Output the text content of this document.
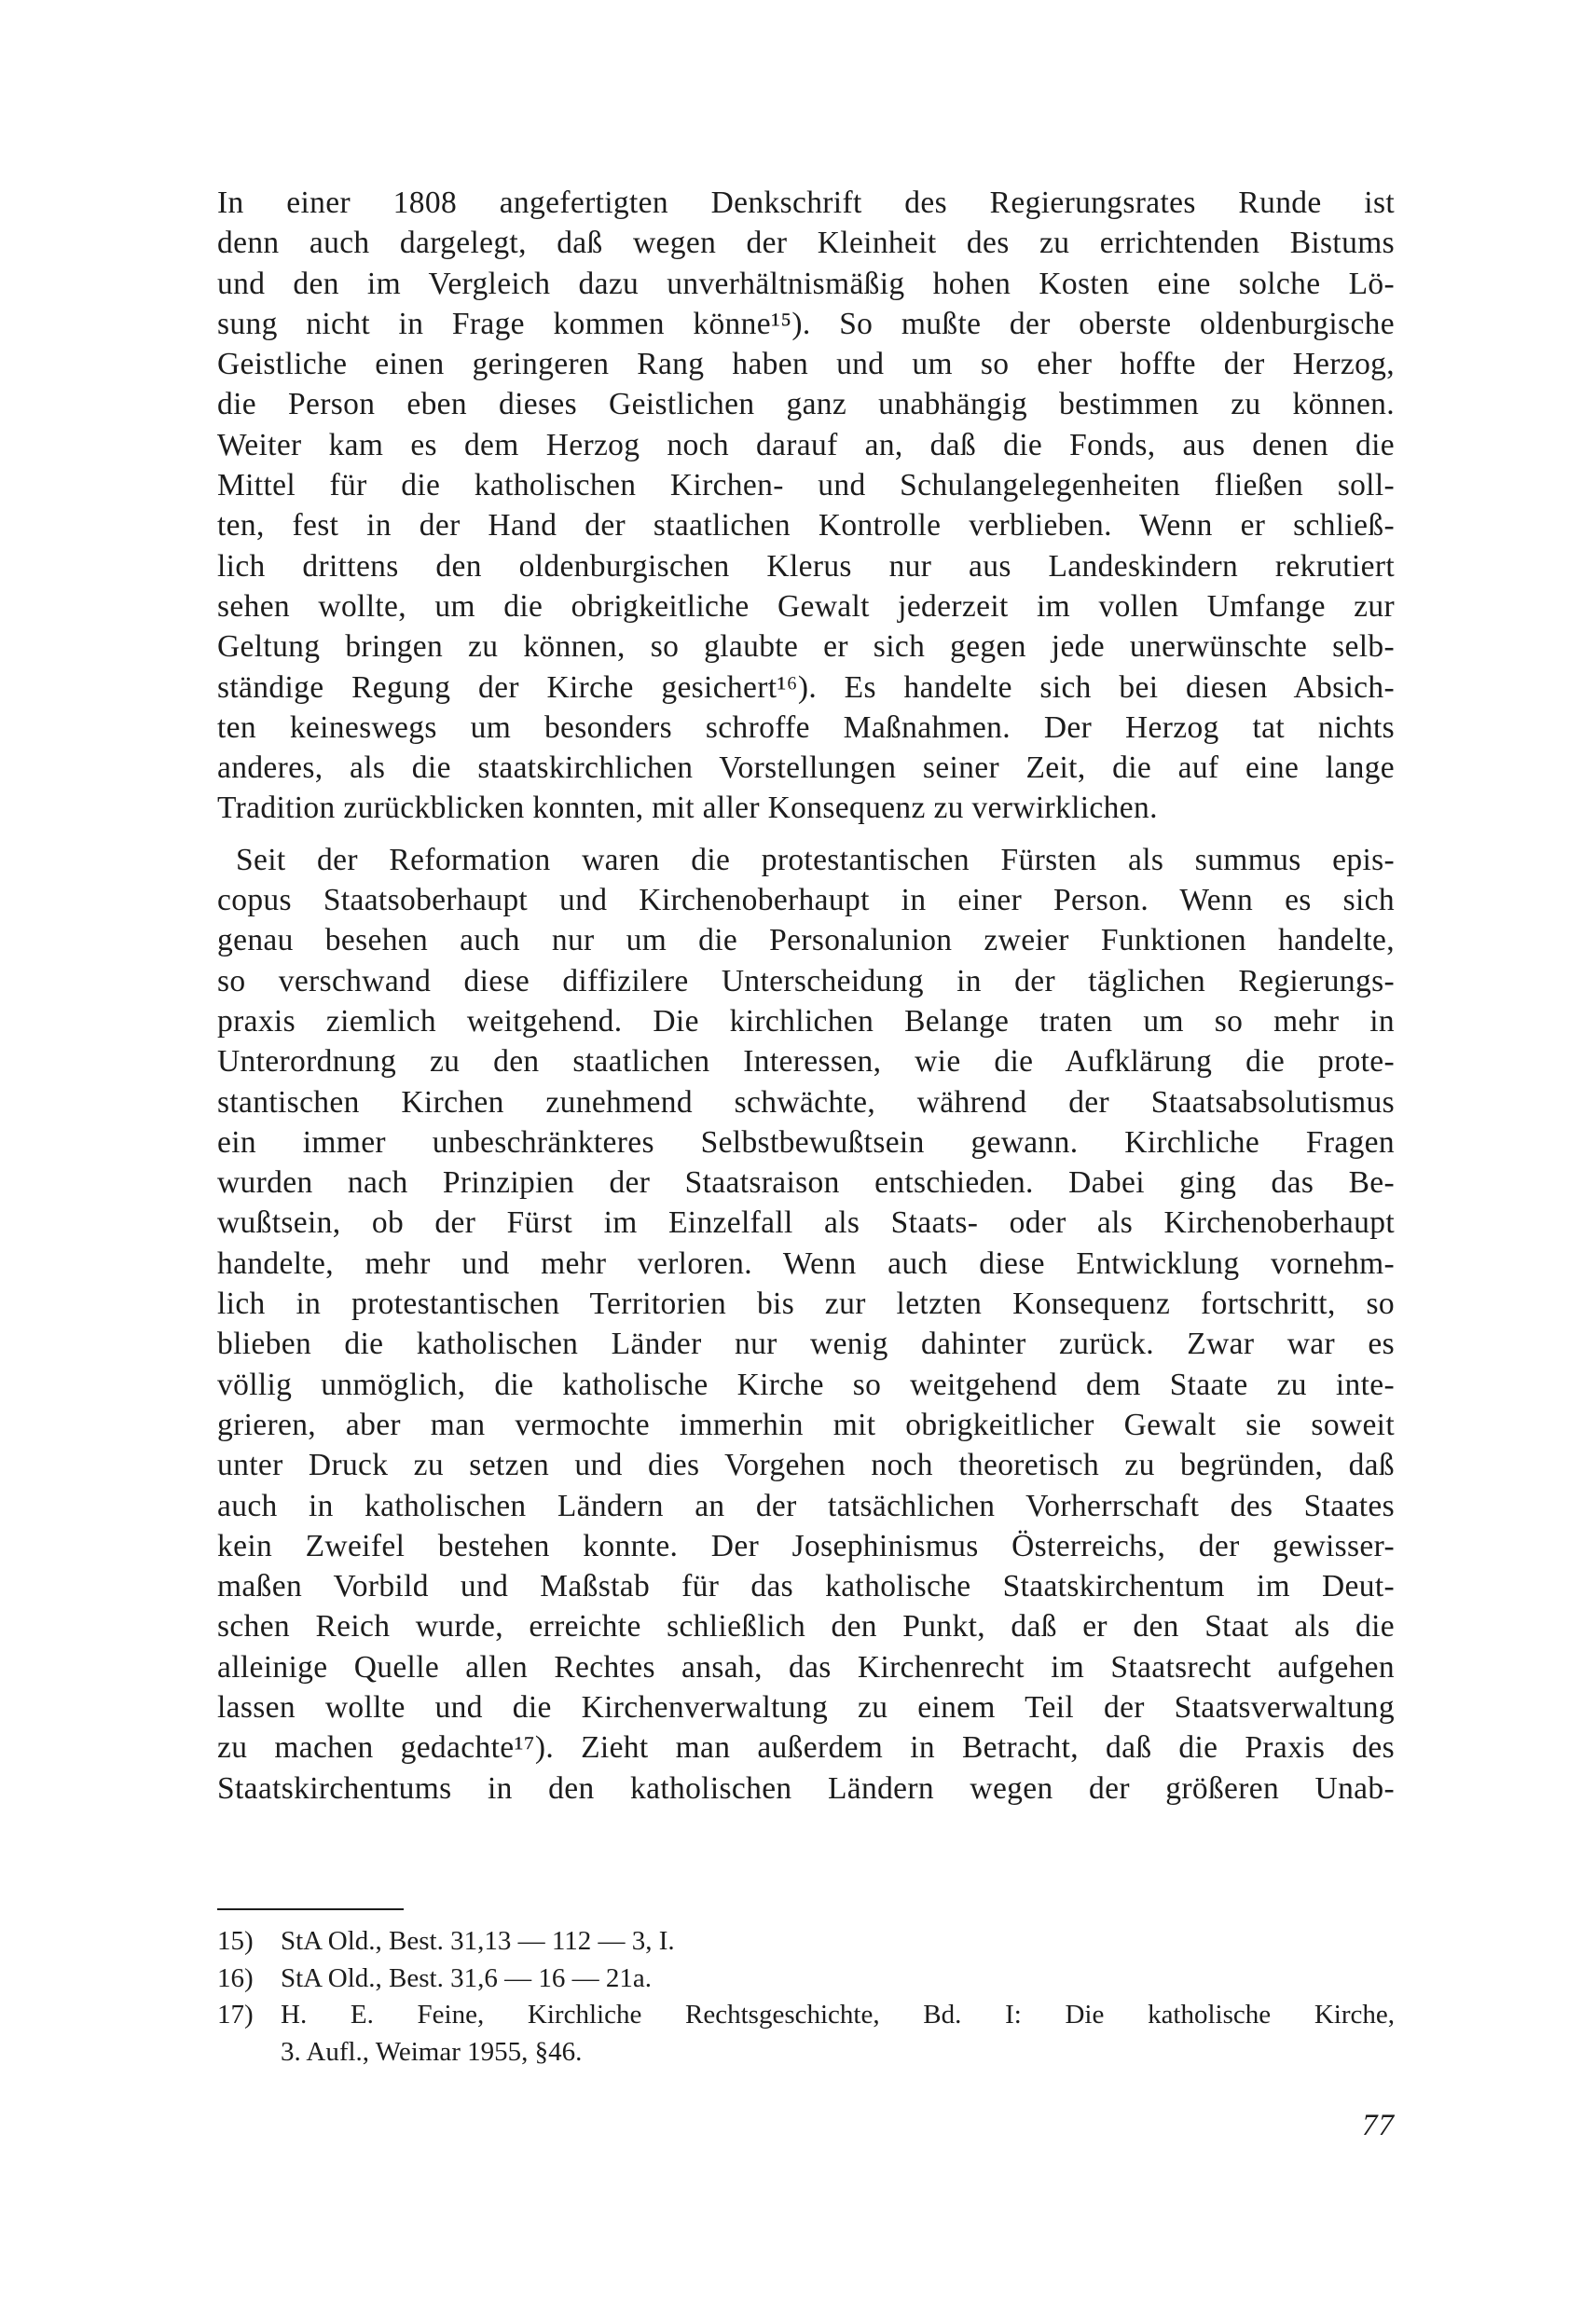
In einer 1808 angefertigten Denkschrift des Regierungsrates Runde ist
denn auch dargelegt, daß wegen der Kleinheit des zu errichtenden Bistums
und den im Vergleich dazu unverhältnismäßig hohen Kosten eine solche Lö-
sung nicht in Frage kommen könne¹⁵). So mußte der oberste oldenburgische
Geistliche einen geringeren Rang haben und um so eher hoffte der Herzog,
die Person eben dieses Geistlichen ganz unabhängig bestimmen zu können.
Weiter kam es dem Herzog noch darauf an, daß die Fonds, aus denen die
Mittel für die katholischen Kirchen- und Schulangelegenheiten fließen soll-
ten, fest in der Hand der staatlichen Kontrolle verblieben. Wenn er schließ-
lich drittens den oldenburgischen Klerus nur aus Landeskindern rekrutiert
sehen wollte, um die obrigkeitliche Gewalt jederzeit im vollen Umfange zur
Geltung bringen zu können, so glaubte er sich gegen jede unerwünschte selb-
ständige Regung der Kirche gesichert¹⁶). Es handelte sich bei diesen Absich-
ten keineswegs um besonders schroffe Maßnahmen. Der Herzog tat nichts
anderes, als die staatskirchlichen Vorstellungen seiner Zeit, die auf eine lange
Tradition zurückblicken konnten, mit aller Konsequenz zu verwirklichen.
Seit der Reformation waren die protestantischen Fürsten als summus epis-
copus Staatsoberhaupt und Kirchenoberhaupt in einer Person. Wenn es sich
genau besehen auch nur um die Personalunion zweier Funktionen handelte,
so verschwand diese diffizilere Unterscheidung in der täglichen Regierungs-
praxis ziemlich weitgehend. Die kirchlichen Belange traten um so mehr in
Unterordnung zu den staatlichen Interessen, wie die Aufklärung die prote-
stantischen Kirchen zunehmend schwächte, während der Staatsabsolutismus
ein immer unbeschränkteres Selbstbewußtsein gewann. Kirchliche Fragen
wurden nach Prinzipien der Staatsraison entschieden. Dabei ging das Be-
wußtsein, ob der Fürst im Einzelfall als Staats- oder als Kirchenoberhaupt
handelte, mehr und mehr verloren. Wenn auch diese Entwicklung vornehm-
lich in protestantischen Territorien bis zur letzten Konsequenz fortschritt, so
blieben die katholischen Länder nur wenig dahinter zurück. Zwar war es
völlig unmöglich, die katholische Kirche so weitgehend dem Staate zu inte-
grieren, aber man vermochte immerhin mit obrigkeitlicher Gewalt sie soweit
unter Druck zu setzen und dies Vorgehen noch theoretisch zu begründen, daß
auch in katholischen Ländern an der tatsächlichen Vorherrschaft des Staates
kein Zweifel bestehen konnte. Der Josephinismus Österreichs, der gewisser-
maßen Vorbild und Maßstab für das katholische Staatskirchentum im Deut-
schen Reich wurde, erreichte schließlich den Punkt, daß er den Staat als die
alleinige Quelle allen Rechtes ansah, das Kirchenrecht im Staatsrecht aufgehen
lassen wollte und die Kirchenverwaltung zu einem Teil der Staatsverwaltung
zu machen gedachte¹⁷). Zieht man außerdem in Betracht, daß die Praxis des
Staatskirchentums in den katholischen Ländern wegen der größeren Unab-
15)	StA Old., Best. 31,13 — 112 — 3, I.
16)	StA Old., Best. 31,6 — 16 — 21a.
17)	H. E. Feine, Kirchliche Rechtsgeschichte, Bd. I: Die katholische Kirche,
3. Aufl., Weimar 1955, §46.
77
